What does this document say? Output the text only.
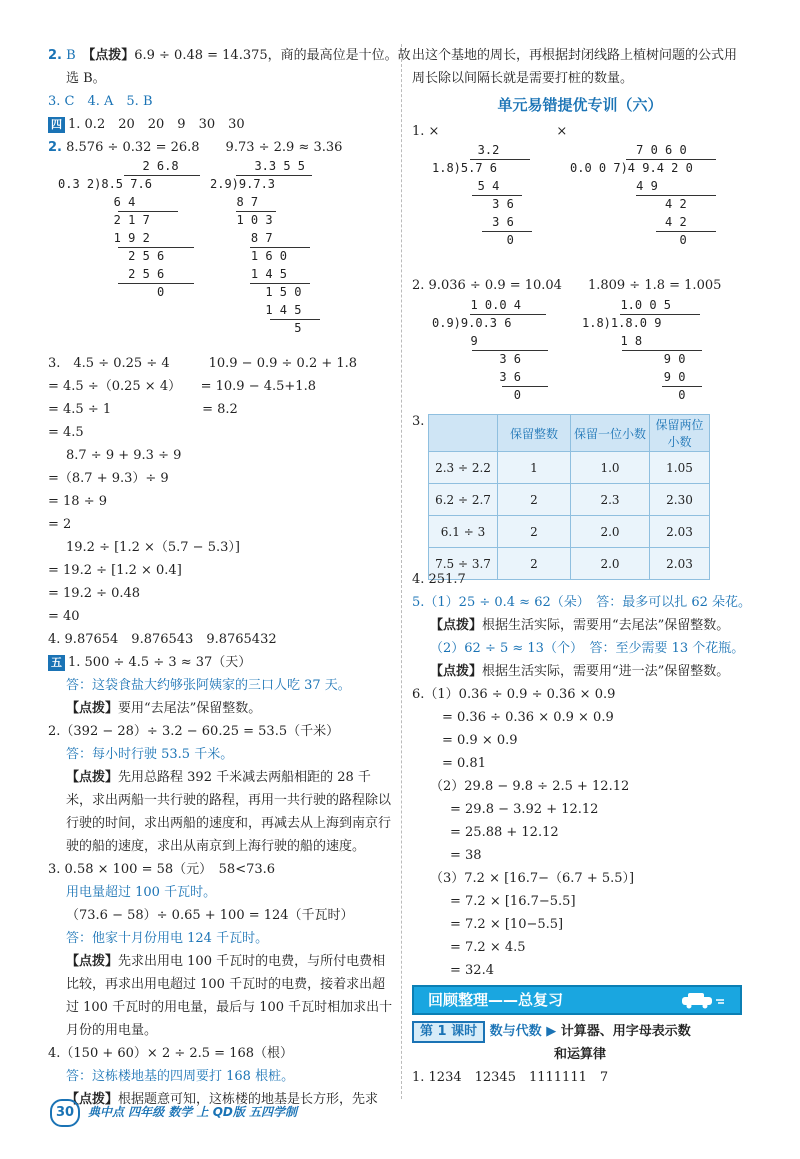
2. B　 【点拨】6.9 ÷ 0.48 = 14.375，商的最高位是十位。故
选 B。
3. C　4. A　5. B
四 1. 0.2　20　20　9　30　30
2. 8.576 ÷ 0.32 = 26.8　　9.73 ÷ 2.9 ≈ 3.36
2 6.8
0.3 2)8.5 7.6
6 4
2 1 7
1 9 2
2 5 6
2 5 6
0
3.3 5 5
2.9)9.7.3
8 7
1 0 3
8 7
1 6 0
1 4 5
1 5 0
1 4 5
5
3.　4.5 ÷ 0.25 ÷ 4　　　10.9 − 0.9 ÷ 0.2 + 1.8
= 4.5 ÷（0.25 × 4）　　= 10.9 − 4.5+1.8
= 4.5 ÷ 1　　　　　　　= 8.2
= 4.5
8.7 ÷ 9 + 9.3 ÷ 9
=（8.7 + 9.3）÷ 9
= 18 ÷ 9
= 2
19.2 ÷ [1.2 ×（5.7 − 5.3）]
= 19.2 ÷ [1.2 × 0.4]
= 19.2 ÷ 0.48
= 40
4. 9.87654　9.876543　9.8765432
五 1. 500 ÷ 4.5 ÷ 3 ≈ 37（天）
答：这袋食盐大约够张阿姨家的三口人吃 37 天。
【点拨】要用“去尾法”保留整数。
2.（392 − 28）÷ 3.2 − 60.25 = 53.5（千米）
答：每小时行驶 53.5 千米。
【点拨】先用总路程 392 千米减去两船相距的 28 千米，求出两船一共行驶的路程，再用一共行驶的路程除以行驶的时间，求出两船的速度和，再减去从上海到南京行驶的船的速度，求出从南京到上海行驶的船的速度。
3. 0.58 × 100 = 58（元）　58<73.6
用电量超过 100 千瓦时。
（73.6 − 58）÷ 0.65 + 100 = 124（千瓦时）
答：他家十月份用电 124 千瓦时。
【点拨】先求出用电 100 千瓦时的电费，与所付电费相比较，再求出用电超过 100 千瓦时的电费，接着求出超过 100 千瓦时的用电量，最后与 100 千瓦时相加求出十月份的用电量。
4.（150 + 60）× 2 ÷ 2.5 = 168（根）
答：这栋楼地基的四周要打 168 根桩。
【点拨】根据题意可知，这栋楼的地基是长方形，先求
出这个基地的周长，再根据封闭线路上植树问题的公式用周长除以间隔长就是需要打桩的数量。
单元易错提优专训（六）
1. ×　　　　　　　　　×
3.2
1.8)5.7 6
5 4
3 6
3 6
0
7 0 6 0
0.0 0 7)4 9.4 2 0
4 9
4 2
4 2
0
2. 9.036 ÷ 0.9 = 10.04　　1.809 ÷ 1.8 = 1.005
1 0.0 4
0.9)9.0.3 6
9
3 6
3 6
0
1.0 0 5
1.8)1.8.0 9
1 8
9 0
9 0
0
3.
	保留整数	保留一位小数	保留两位小数
2.3 ÷ 2.2	1	1.0	1.05
6.2 ÷ 2.7	2	2.3	2.30
6.1 ÷ 3	2	2.0	2.03
7.5 ÷ 3.7	2	2.0	2.03
4. 251.7
5.（1）25 ÷ 0.4 ≈ 62（朵）　答：最多可以扎 62 朵花。
【点拨】根据生活实际，需要用“去尾法”保留整数。
（2）62 ÷ 5 ≈ 13（个）　答：至少需要 13 个花瓶。
【点拨】根据生活实际，需要用“进一法”保留整数。
6.（1）0.36 ÷ 0.9 ÷ 0.36 × 0.9
= 0.36 ÷ 0.36 × 0.9 × 0.9
= 0.9 × 0.9
= 0.81
（2）29.8 − 9.8 ÷ 2.5 + 12.12
= 29.8 − 3.92 + 12.12
= 25.88 + 12.12
= 38
（3）7.2 × [16.7−（6.7 + 5.5）]
= 7.2 × [16.7−5.5]
= 7.2 × [10−5.5]
= 7.2 × 4.5
= 32.4
回顾整理——总复习
第 1 课时 数与代数 ▶ 计算器、用字母表示数
和运算律
1. 1234　12345　1111111　7
30	典中点 四年级 数学 上 QD版 五四学制
